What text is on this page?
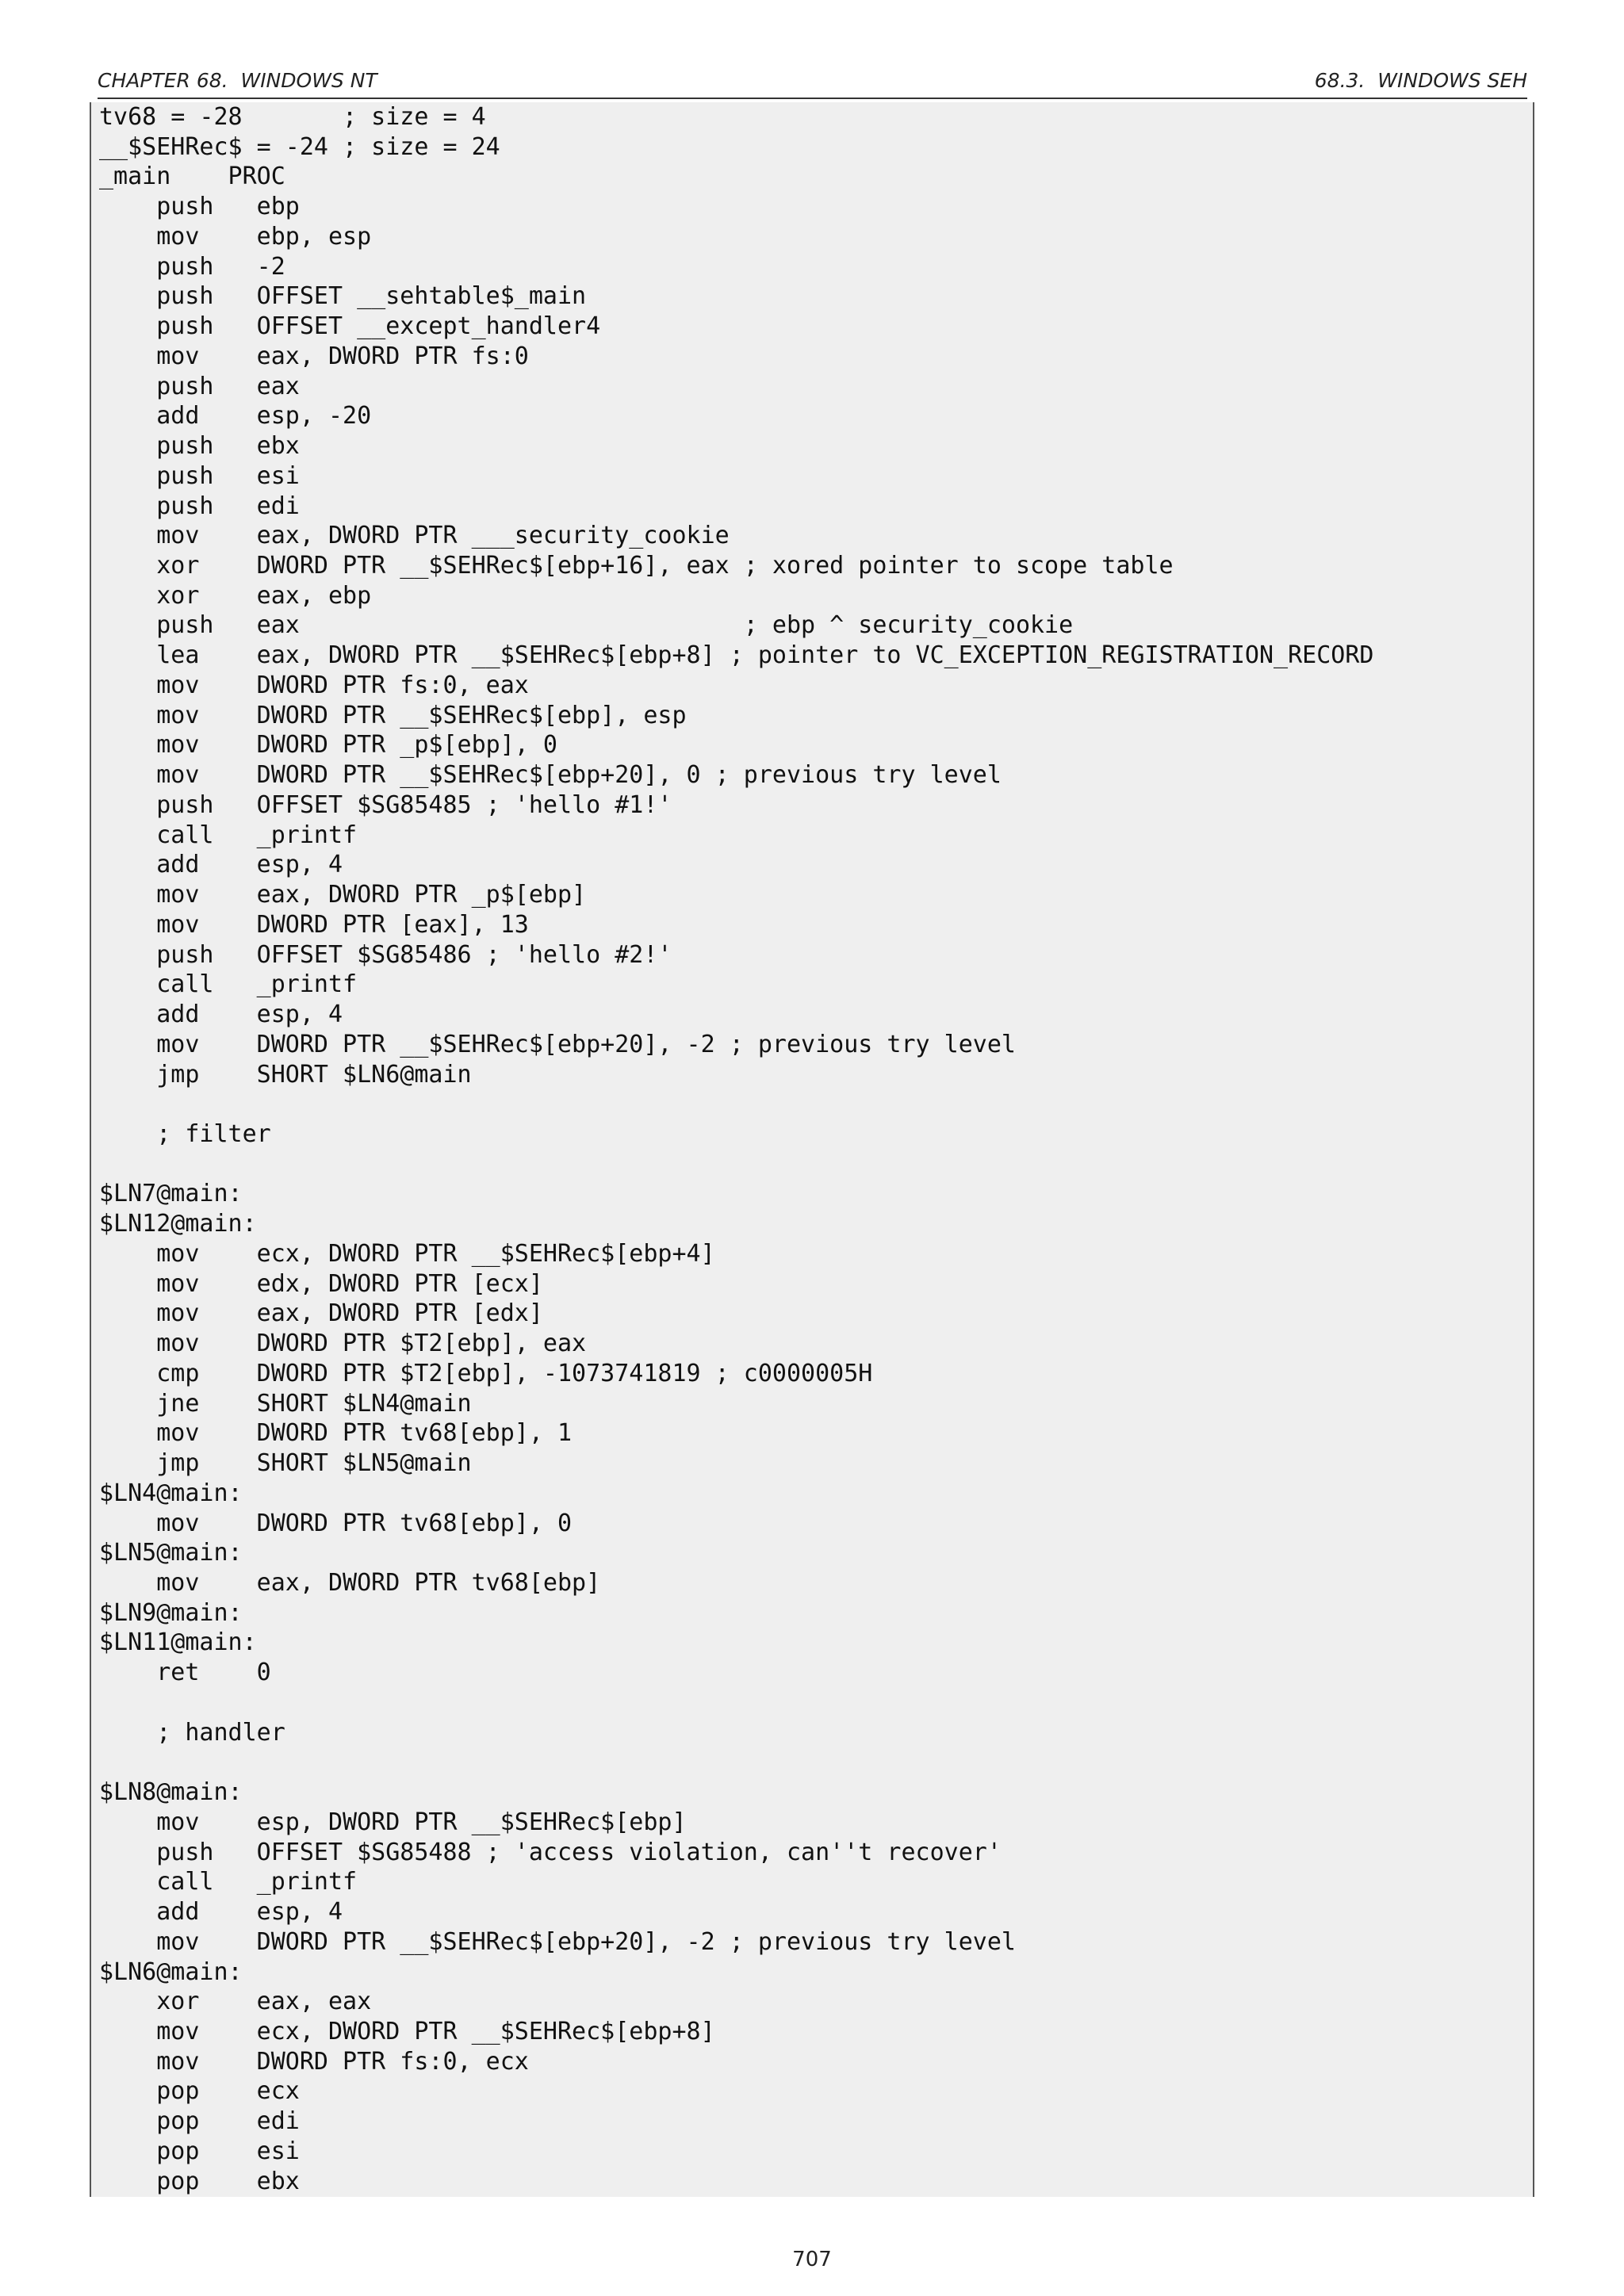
CHAPTER 68.  WINDOWS NT	68.3.  WINDOWS SEH
tv68 = -28       ; size = 4
__$SEHRec$ = -24 ; size = 24
_main    PROC
push   ebp
mov    ebp, esp
push   -2
push   OFFSET __sehtable$_main
push   OFFSET __except_handler4
mov    eax, DWORD PTR fs:0
push   eax
add    esp, -20
push   ebx
push   esi
push   edi
mov    eax, DWORD PTR ___security_cookie
xor    DWORD PTR __$SEHRec$[ebp+16], eax ; xored pointer to scope table
xor    eax, ebp
push   eax                               ; ebp ^ security_cookie
lea    eax, DWORD PTR __$SEHRec$[ebp+8] ; pointer to VC_EXCEPTION_REGISTRATION_RECORD
mov    DWORD PTR fs:0, eax
mov    DWORD PTR __$SEHRec$[ebp], esp
mov    DWORD PTR _p$[ebp], 0
mov    DWORD PTR __$SEHRec$[ebp+20], 0 ; previous try level
push   OFFSET $SG85485 ; 'hello #1!'
call   _printf
add    esp, 4
mov    eax, DWORD PTR _p$[ebp]
mov    DWORD PTR [eax], 13
push   OFFSET $SG85486 ; 'hello #2!'
call   _printf
add    esp, 4
mov    DWORD PTR __$SEHRec$[ebp+20], -2 ; previous try level
jmp    SHORT $LN6@main
; filter
$LN7@main:
$LN12@main:
mov    ecx, DWORD PTR __$SEHRec$[ebp+4]
mov    edx, DWORD PTR [ecx]
mov    eax, DWORD PTR [edx]
mov    DWORD PTR $T2[ebp], eax
cmp    DWORD PTR $T2[ebp], -1073741819 ; c0000005H
jne    SHORT $LN4@main
mov    DWORD PTR tv68[ebp], 1
jmp    SHORT $LN5@main
$LN4@main:
mov    DWORD PTR tv68[ebp], 0
$LN5@main:
mov    eax, DWORD PTR tv68[ebp]
$LN9@main:
$LN11@main:
ret    0
; handler
$LN8@main:
mov    esp, DWORD PTR __$SEHRec$[ebp]
push   OFFSET $SG85488 ; 'access violation, can''t recover'
call   _printf
add    esp, 4
mov    DWORD PTR __$SEHRec$[ebp+20], -2 ; previous try level
$LN6@main:
xor    eax, eax
mov    ecx, DWORD PTR __$SEHRec$[ebp+8]
mov    DWORD PTR fs:0, ecx
pop    ecx
pop    edi
pop    esi
pop    ebx
707
